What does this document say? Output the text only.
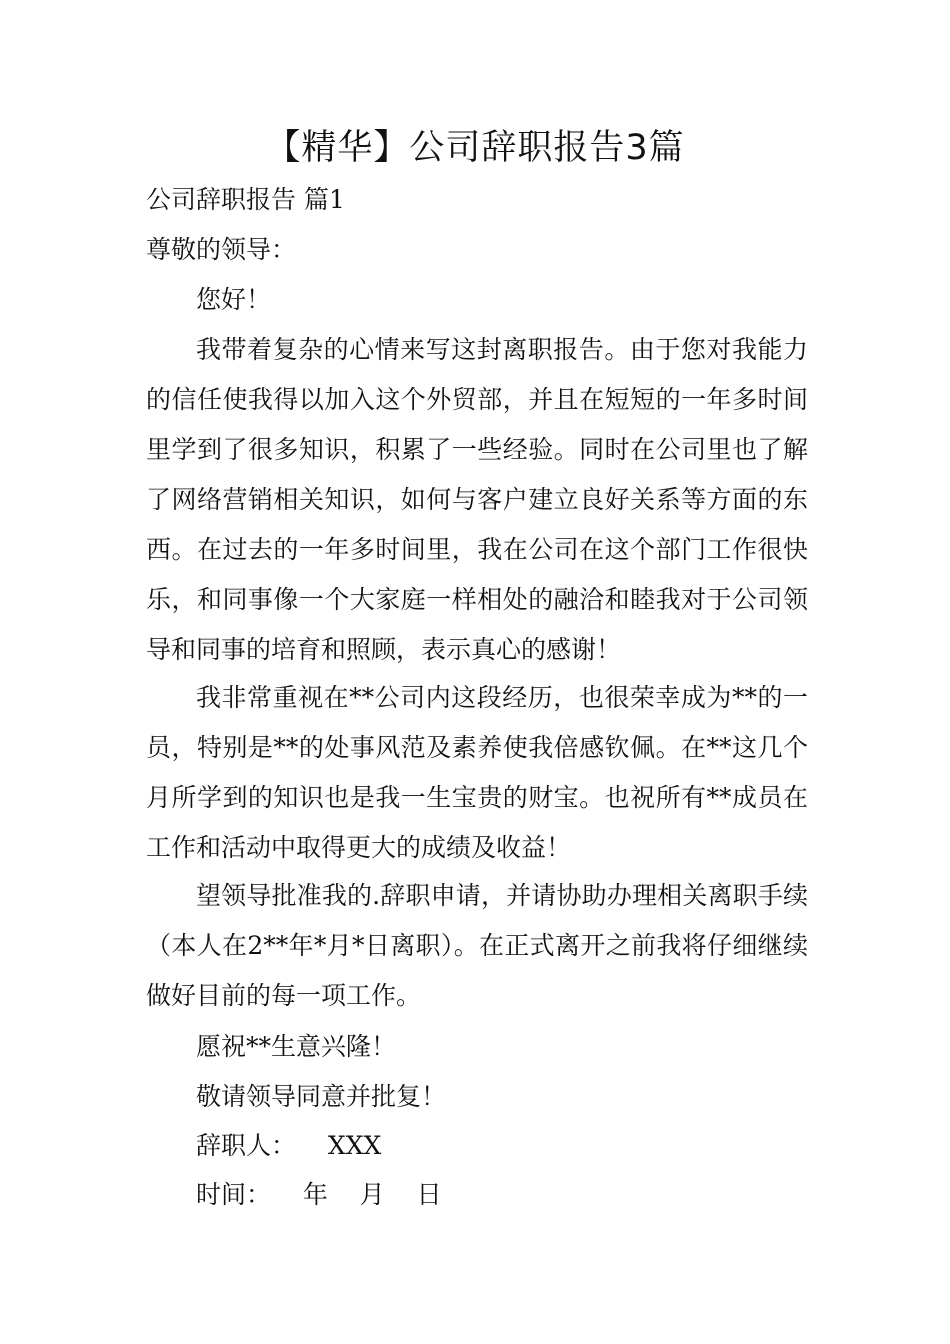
【精华】公司辞职报告3篇

公司辞职报告 篇1

尊敬的领导：

您好！

我带着复杂的心情来写这封离职报告。由于您对我能力的信任使我得以加入这个外贸部，并且在短短的一年多时间里学到了很多知识，积累了一些经验。同时在公司里也了解了网络营销相关知识，如何与客户建立良好关系等方面的东西。在过去的一年多时间里，我在公司在这个部门工作很快乐，和同事像一个大家庭一样相处的融洽和睦我对于公司领导和同事的培育和照顾，表示真心的感谢！

我非常重视在**公司内这段经历，也很荣幸成为**的一员，特别是**的处事风范及素养使我倍感钦佩。在**这几个月所学到的知识也是我一生宝贵的财宝。也祝所有**成员在工作和活动中取得更大的成绩及收益！

望领导批准我的.辞职申请，并请协助办理相关离职手续（本人在2**年*月*日离职）。在正式离开之前我将仔细继续做好目前的每一项工作。

愿祝**生意兴隆！

敬请领导同意并批复！

辞职人：  XXX

时间：  年  月  日
